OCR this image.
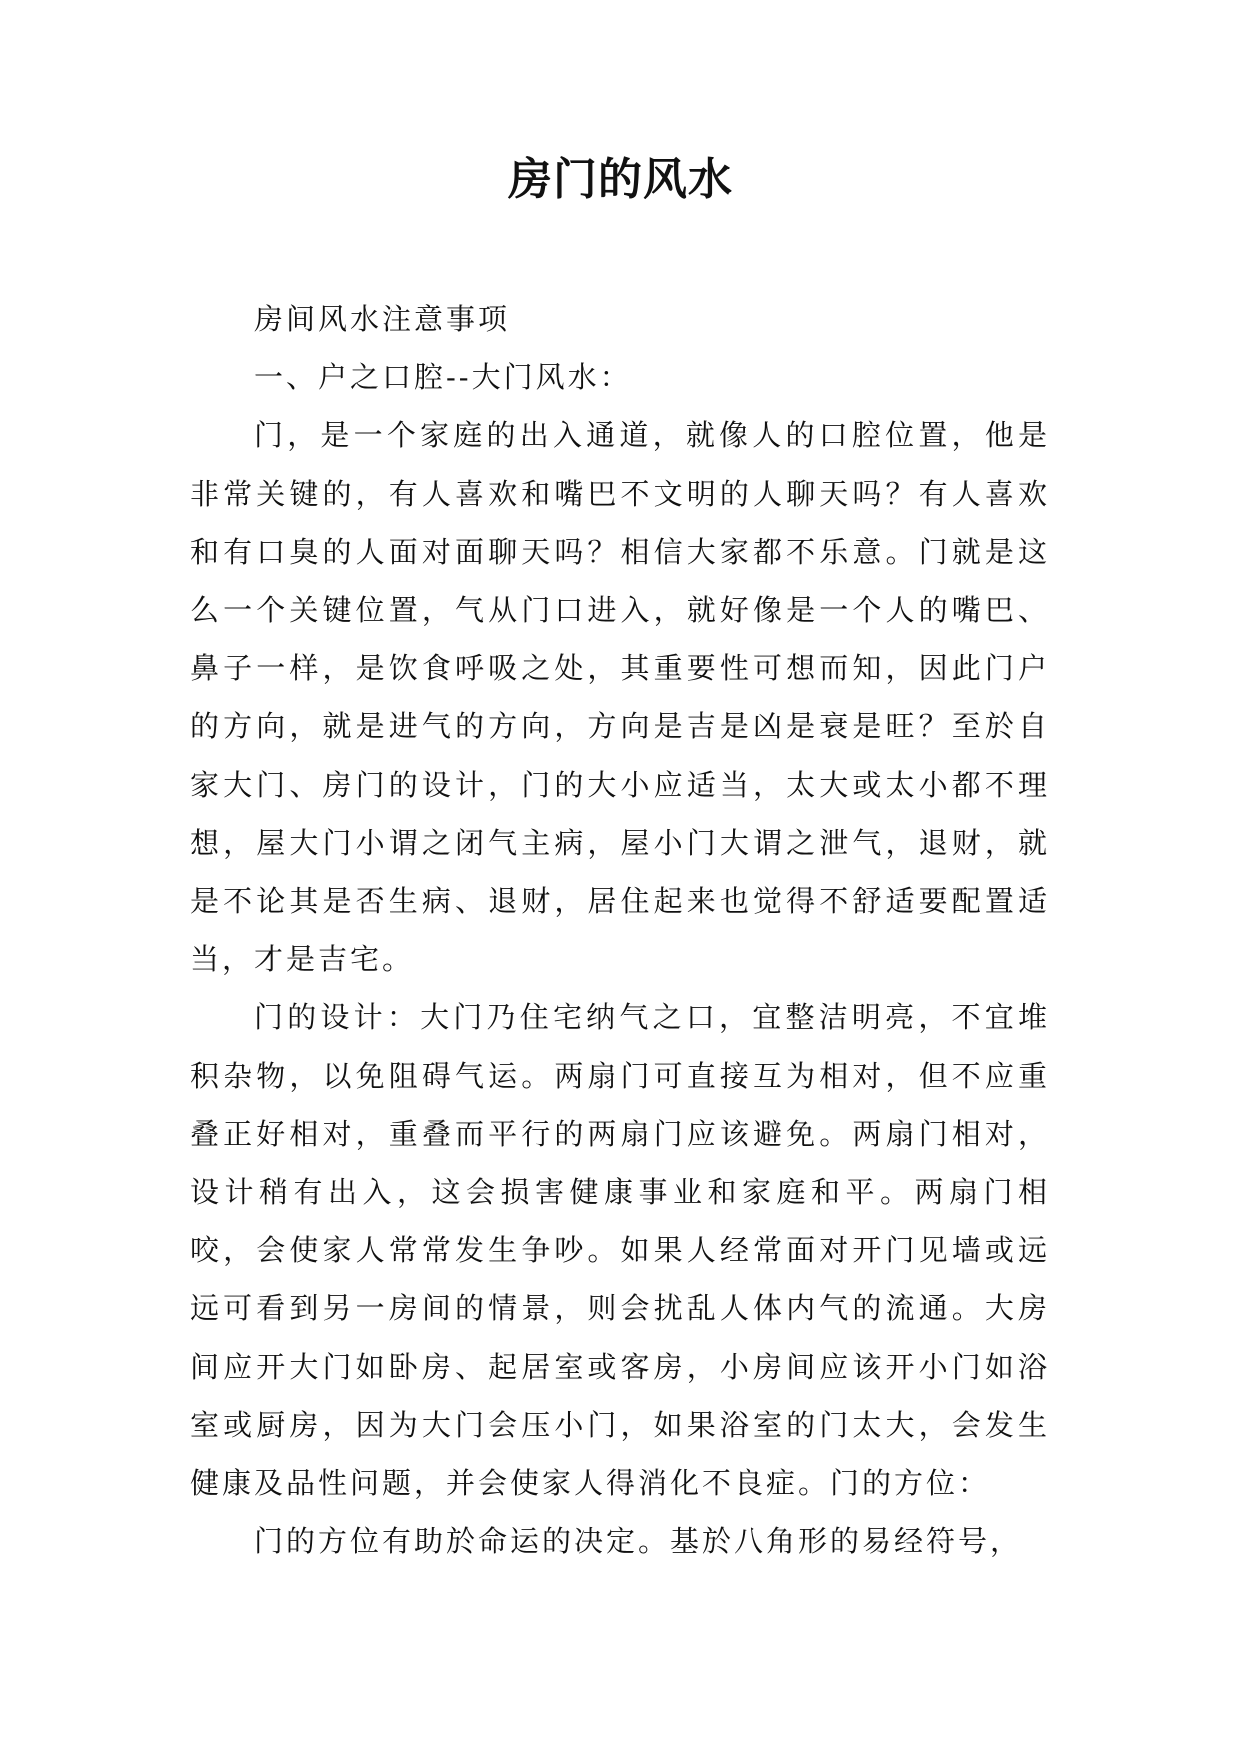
房门的风水

房间风水注意事项

一、户之口腔--大门风水：

门，是一个家庭的出入通道，就像人的口腔位置，他是非常关键的，有人喜欢和嘴巴不文明的人聊天吗？有人喜欢和有口臭的人面对面聊天吗？相信大家都不乐意。门就是这么一个关键位置，气从门口进入，就好像是一个人的嘴巴、鼻子一样，是饮食呼吸之处，其重要性可想而知，因此门户的方向，就是进气的方向，方向是吉是凶是衰是旺？至於自家大门、房门的设计，门的大小应适当，太大或太小都不理想，屋大门小谓之闭气主病，屋小门大谓之泄气，退财，就是不论其是否生病、退财，居住起来也觉得不舒适要配置适当，才是吉宅。

门的设计：大门乃住宅纳气之口，宜整洁明亮，不宜堆积杂物，以免阻碍气运。两扇门可直接互为相对，但不应重叠正好相对，重叠而平行的两扇门应该避免。两扇门相对，设计稍有出入，这会损害健康事业和家庭和平。两扇门相咬，会使家人常常发生争吵。如果人经常面对开门见墙或远远可看到另一房间的情景，则会扰乱人体内气的流通。大房间应开大门如卧房、起居室或客房，小房间应该开小门如浴室或厨房，因为大门会压小门，如果浴室的门太大，会发生健康及品性问题，并会使家人得消化不良症。门的方位：

门的方位有助於命运的决定。基於八角形的易经符号，
